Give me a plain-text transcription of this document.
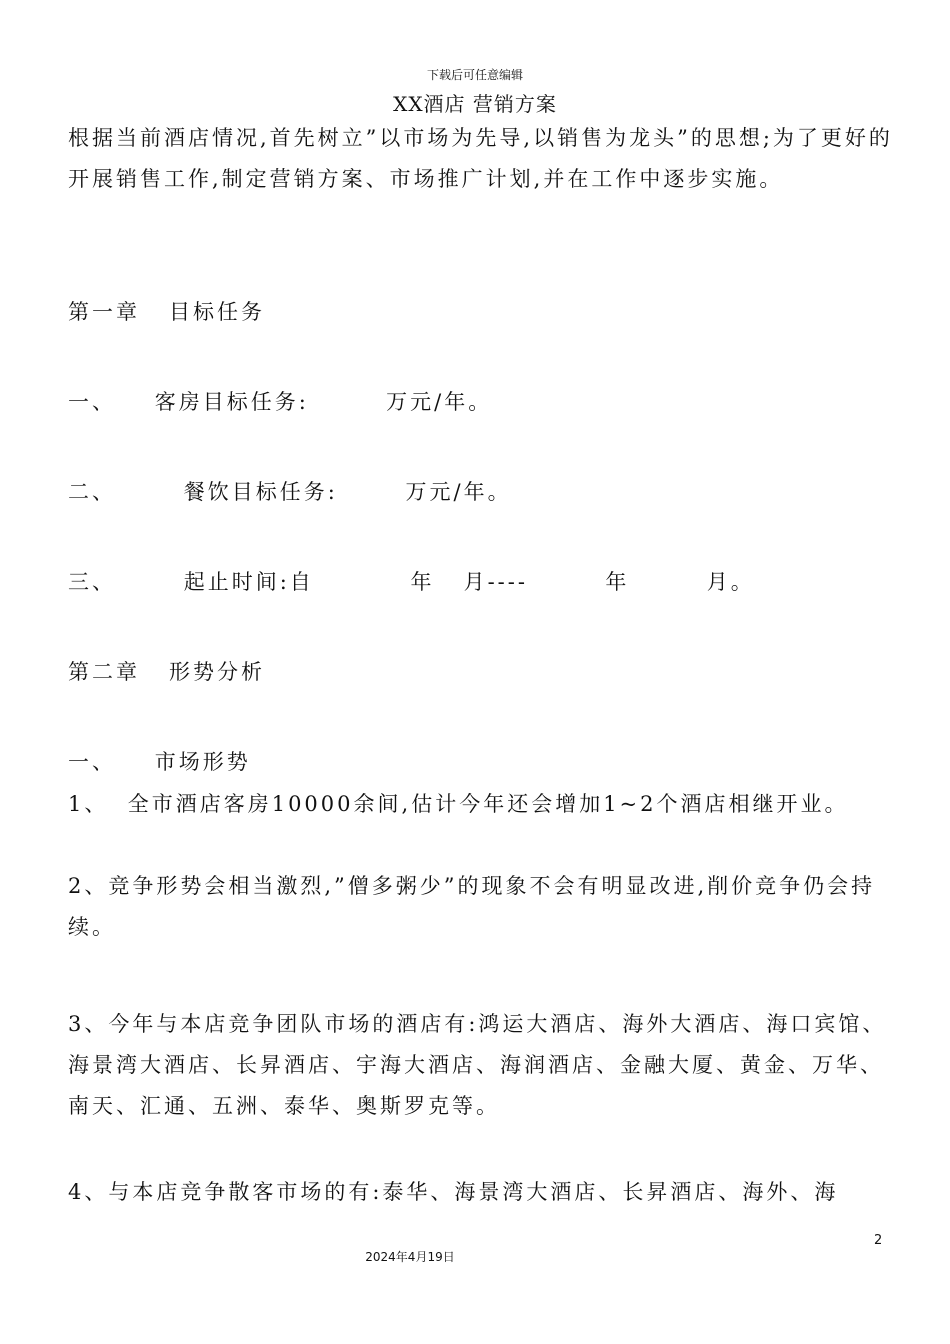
下载后可任意编辑
XX酒店 营销方案

根据当前酒店情况,首先树立”以市场为先导,以销售为龙头”的思想;为了更好的开展销售工作,制定营销方案、市场推广计划,并在工作中逐步实施。

第一章   目标任务
一、    客房目标任务:        万元/年。
二、       餐饮目标任务:       万元/年。
三、       起止时间:自          年   月----        年        月。
第二章   形势分析
一、    市场形势
1、  全市酒店客房10000余间,估计今年还会增加1~2个酒店相继开业。

2、竞争形势会相当激烈,”僧多粥少”的现象不会有明显改进,削价竞争仍会持续。

3、今年与本店竞争团队市场的酒店有:鸿运大酒店、海外大酒店、海口宾馆、海景湾大酒店、长昇酒店、宇海大酒店、海润酒店、金融大厦、黄金、万华、南天、汇通、五洲、泰华、奥斯罗克等。

4、与本店竞争散客市场的有:泰华、海景湾大酒店、长昇酒店、海外、海

2
2024年4月19日
